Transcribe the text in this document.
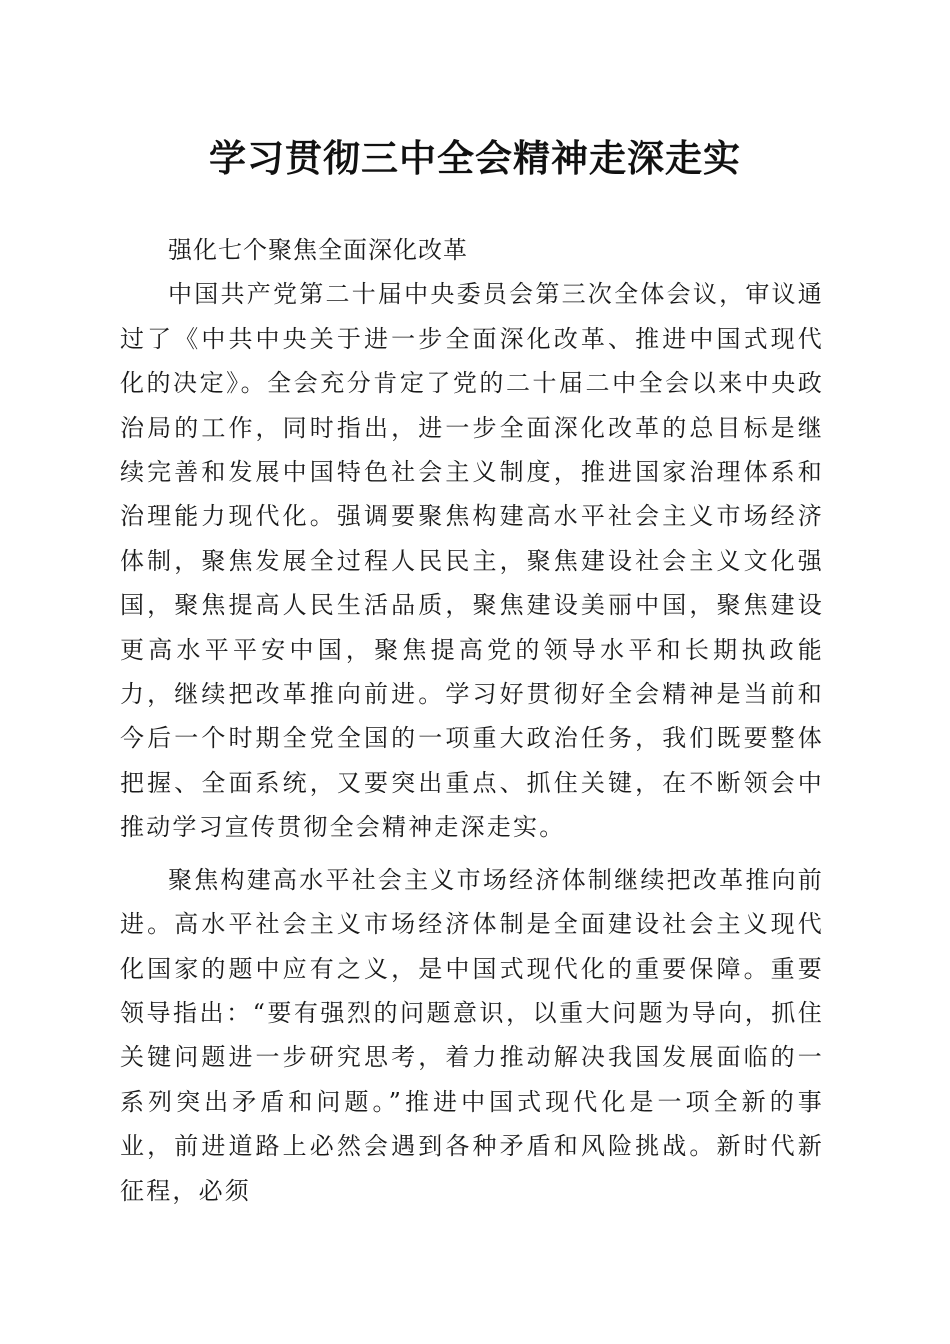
学习贯彻三中全会精神走深走实

强化七个聚焦全面深化改革

中国共产党第二十届中央委员会第三次全体会议，审议通过了《中共中央关于进一步全面深化改革、推进中国式现代化的决定》。全会充分肯定了党的二十届二中全会以来中央政治局的工作，同时指出，进一步全面深化改革的总目标是继续完善和发展中国特色社会主义制度，推进国家治理体系和治理能力现代化。强调要聚焦构建高水平社会主义市场经济体制，聚焦发展全过程人民民主，聚焦建设社会主义文化强国，聚焦提高人民生活品质，聚焦建设美丽中国，聚焦建设更高水平平安中国，聚焦提高党的领导水平和长期执政能力，继续把改革推向前进。学习好贯彻好全会精神是当前和今后一个时期全党全国的一项重大政治任务，我们既要整体把握、全面系统，又要突出重点、抓住关键，在不断领会中推动学习宣传贯彻全会精神走深走实。

聚焦构建高水平社会主义市场经济体制继续把改革推向前进。高水平社会主义市场经济体制是全面建设社会主义现代化国家的题中应有之义，是中国式现代化的重要保障。重要领导指出：“要有强烈的问题意识，以重大问题为导向，抓住关键问题进一步研究思考，着力推动解决我国发展面临的一系列突出矛盾和问题。”推进中国式现代化是一项全新的事业，前进道路上必然会遇到各种矛盾和风险挑战。新时代新征程，必须
